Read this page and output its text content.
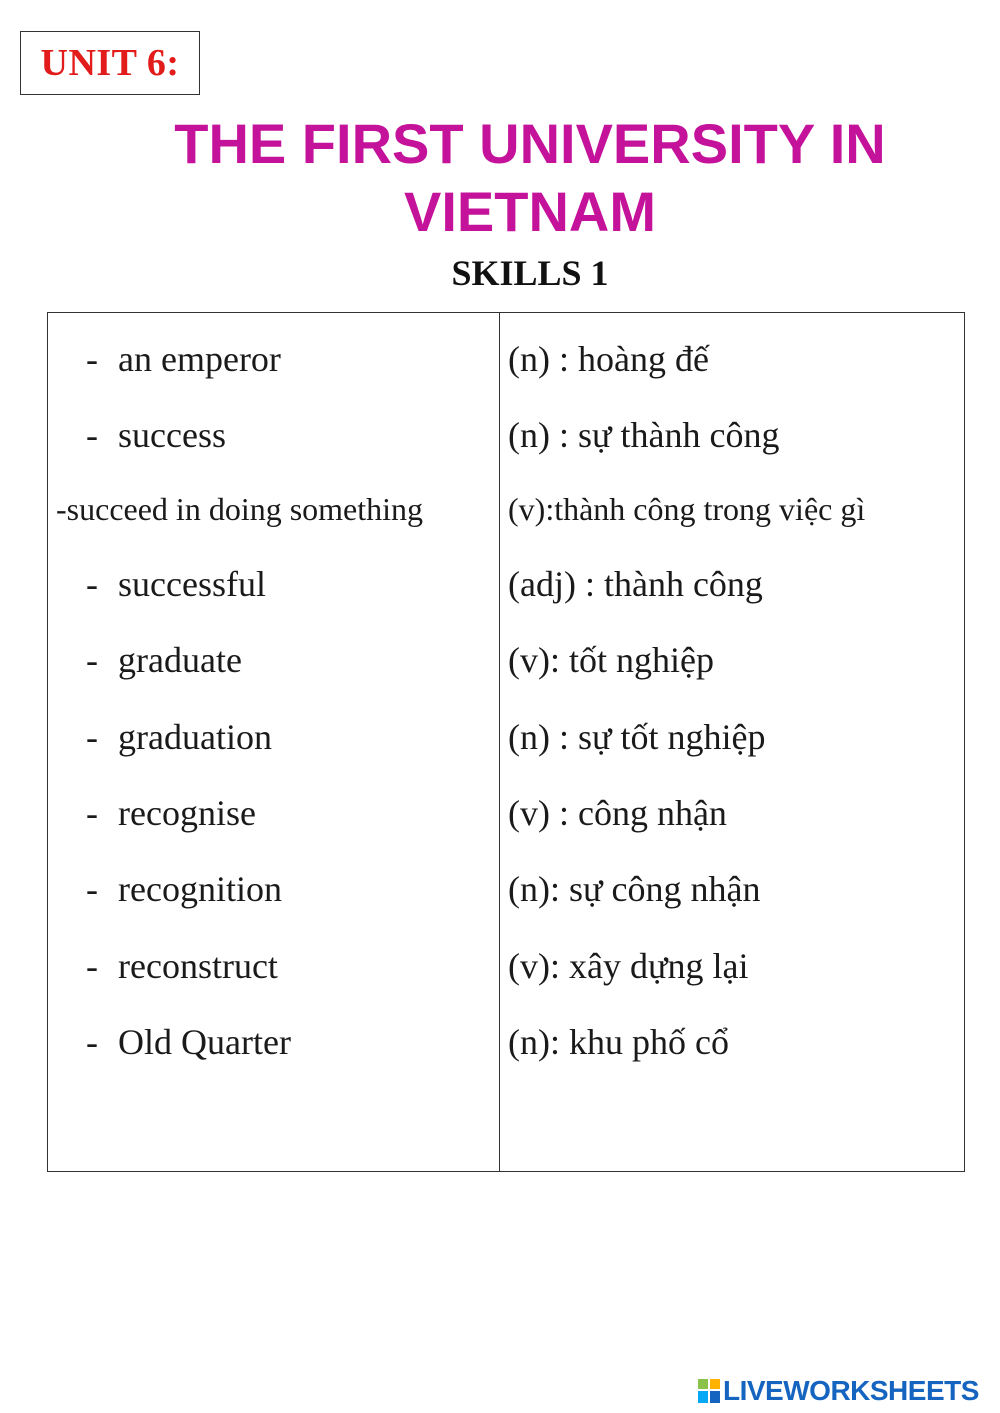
UNIT 6:
THE FIRST UNIVERSITY IN
VIETNAM
SKILLS 1
- an emperor	(n) : hoàng đế
- success	(n) : sự thành công
-succeed in doing something	(v):thành công trong việc gì
- successful	(adj) : thành công
- graduate	(v): tốt nghiệp
- graduation	(n) : sự tốt nghiệp
- recognise	(v) : công nhận
- recognition	(n): sự công nhận
- reconstruct	(v): xây dựng lại
- Old Quarter	(n): khu phố cổ
LIVEWORKSHEETS
